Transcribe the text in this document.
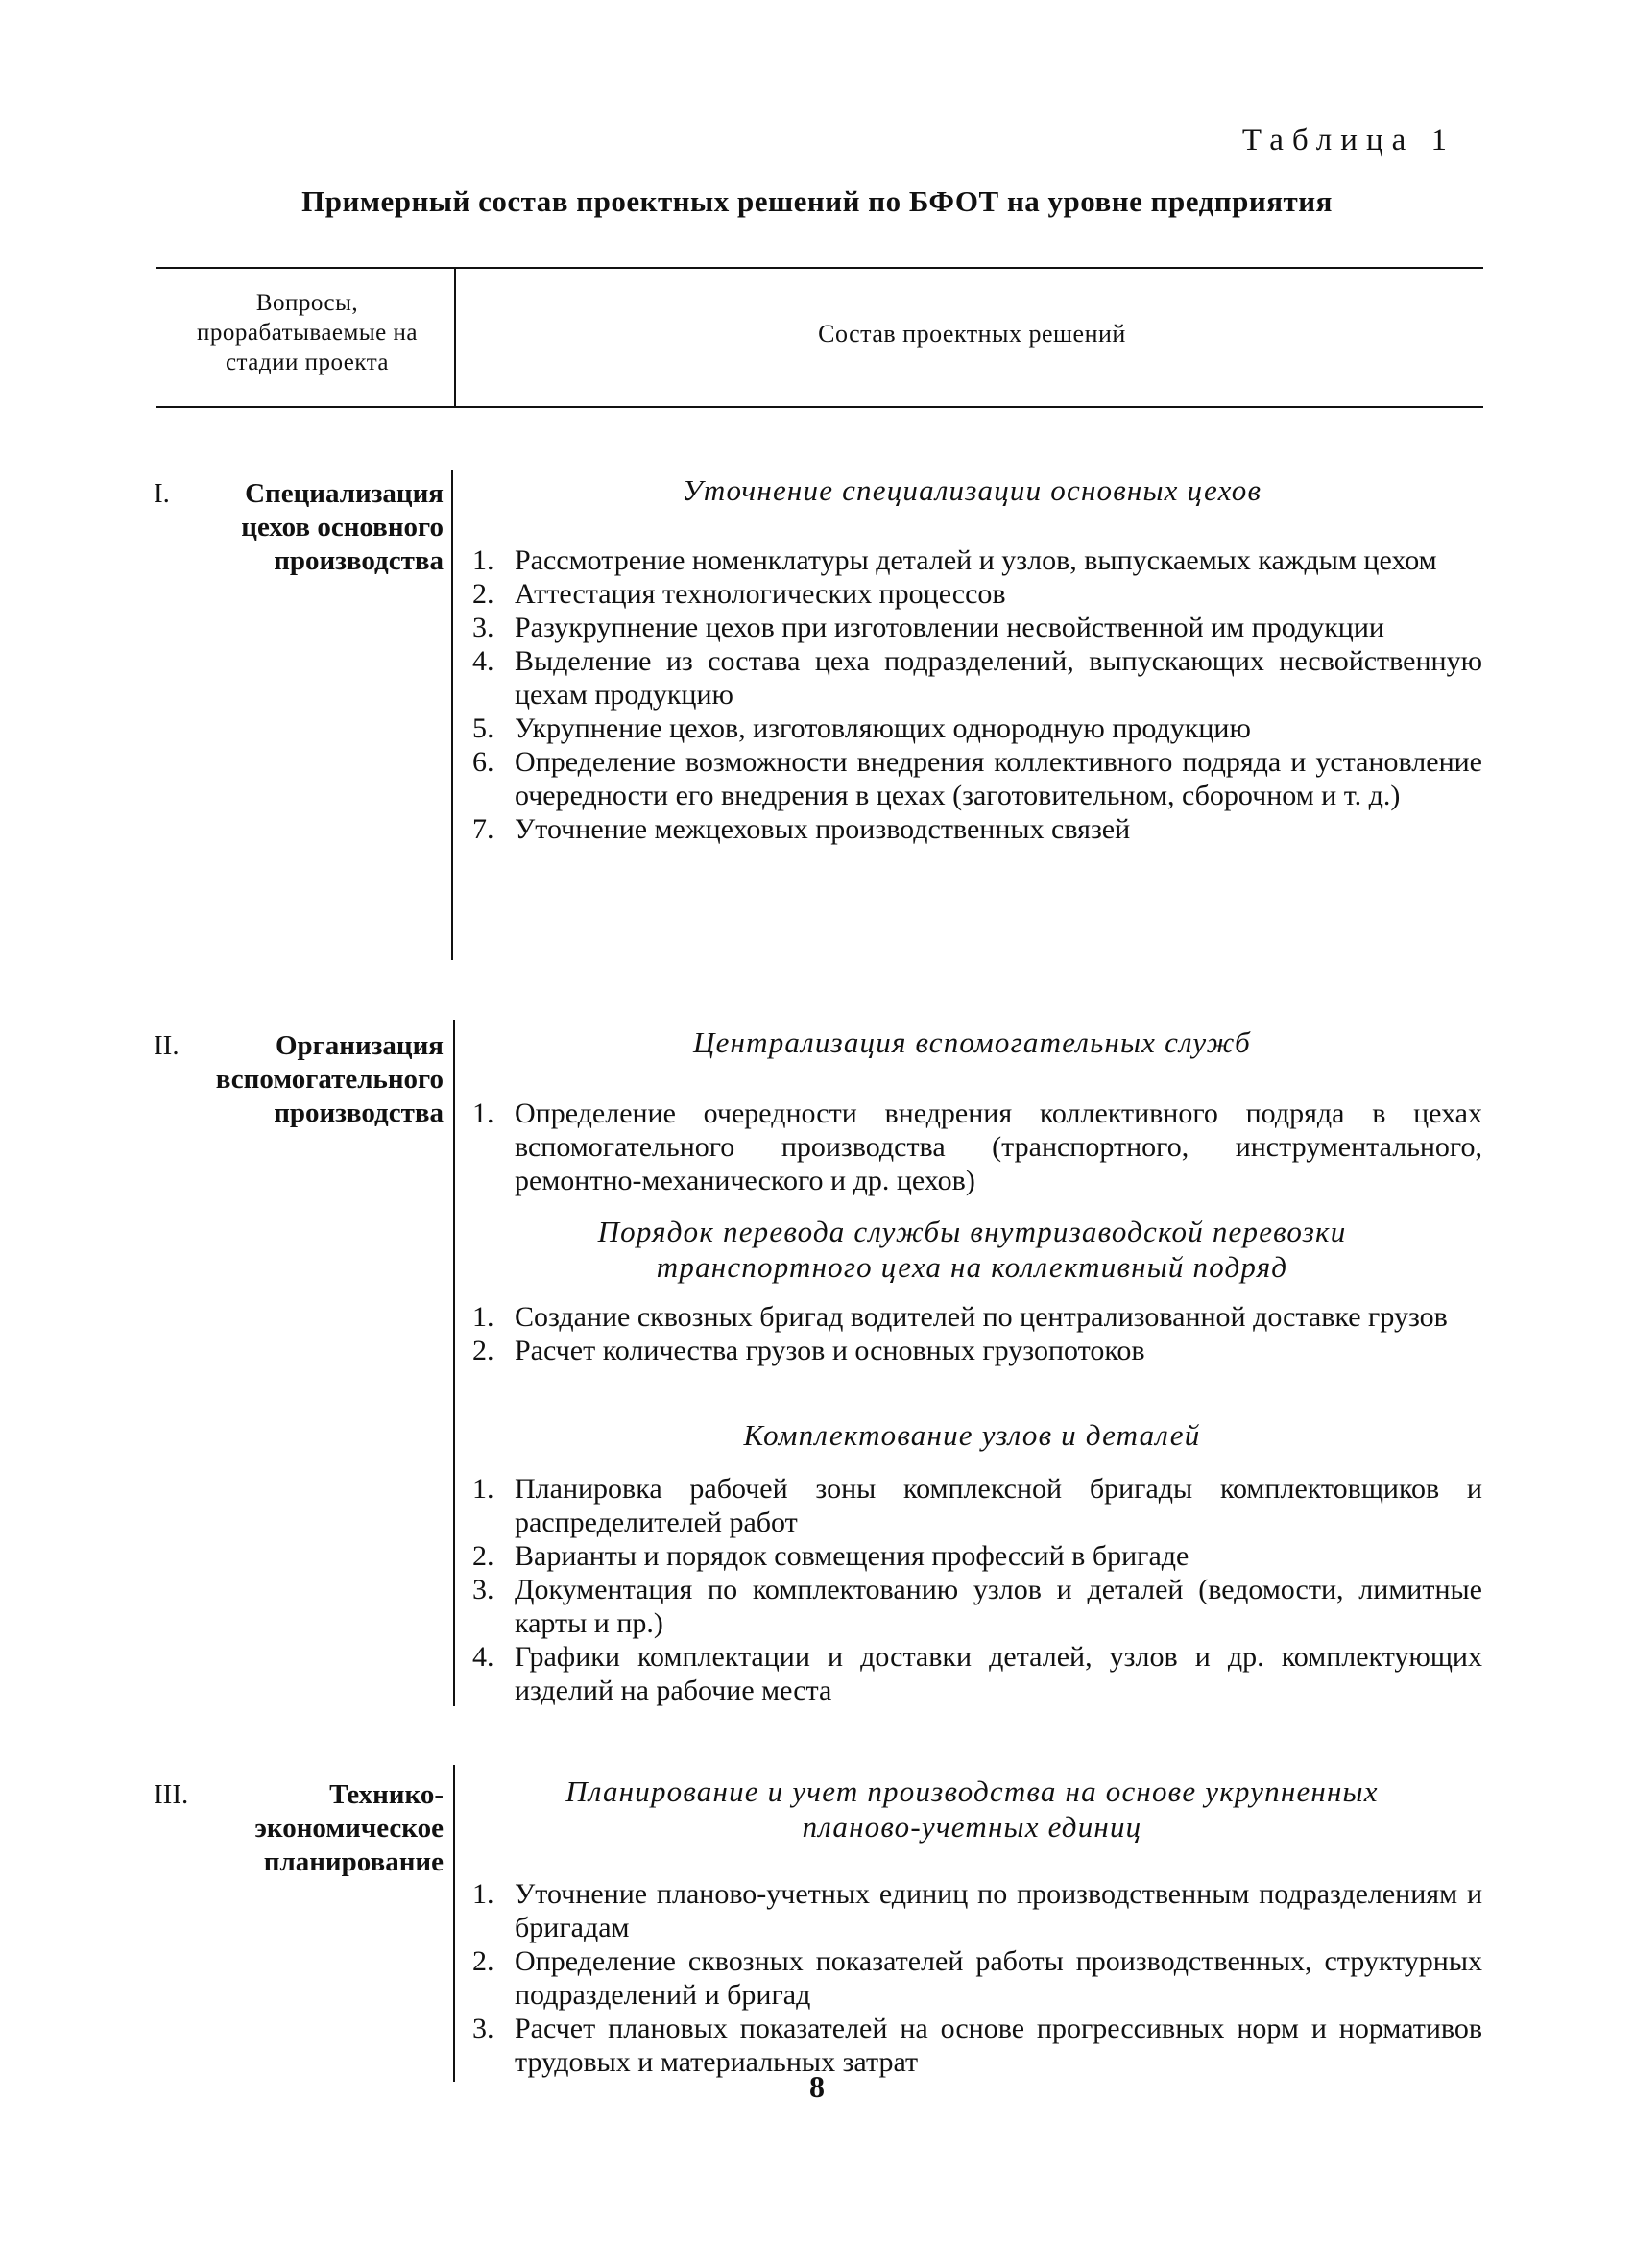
Таблица 1
Примерный состав проектных решений по БФОТ на уровне предприятия
Вопросы, прорабатываемые на стадии проекта
Состав проектных решений
I.	Специализация цехов основного производства
Уточнение специализации основных цехов
1. Рассмотрение номенклатуры деталей и узлов, выпускаемых каждым цехом
2. Аттестация технологических процессов
3. Разукрупнение цехов при изготовлении несвойственной им продукции
4. Выделение из состава цеха подразделений, выпускающих несвойственную цехам продукцию
5. Укрупнение цехов, изготовляющих однородную продукцию
6. Определение возможности внедрения коллективного подряда и установление очередности его внедрения в цехах (заготовительном, сборочном и т. д.)
7. Уточнение межцеховых производственных связей
II.	Организация вспомогательного производства
Централизация вспомогательных служб
1. Определение очередности внедрения коллективного подряда в цехах вспомогательного производства (транспортного, инструментального, ремонтно-механического и др. цехов)
Порядок перевода службы внутризаводской перевозки транспортного цеха на коллективный подряд
1. Создание сквозных бригад водителей по централизованной доставке грузов
2. Расчет количества грузов и основных грузопотоков
Комплектование узлов и деталей
1. Планировка рабочей зоны комплексной бригады комплектовщиков и распределителей работ
2. Варианты и порядок совмещения профессий в бригаде
3. Документация по комплектованию узлов и деталей (ведомости, лимитные карты и пр.)
4. Графики комплектации и доставки деталей, узлов и др. комплектующих изделий на рабочие места
III.	Технико-экономическое планирование
Планирование и учет производства на основе укрупненных планово-учетных единиц
1. Уточнение планово-учетных единиц по производственным подразделениям и бригадам
2. Определение сквозных показателей работы производственных, структурных подразделений и бригад
3. Расчет плановых показателей на основе прогрессивных норм и нормативов трудовых и материальных затрат
8
